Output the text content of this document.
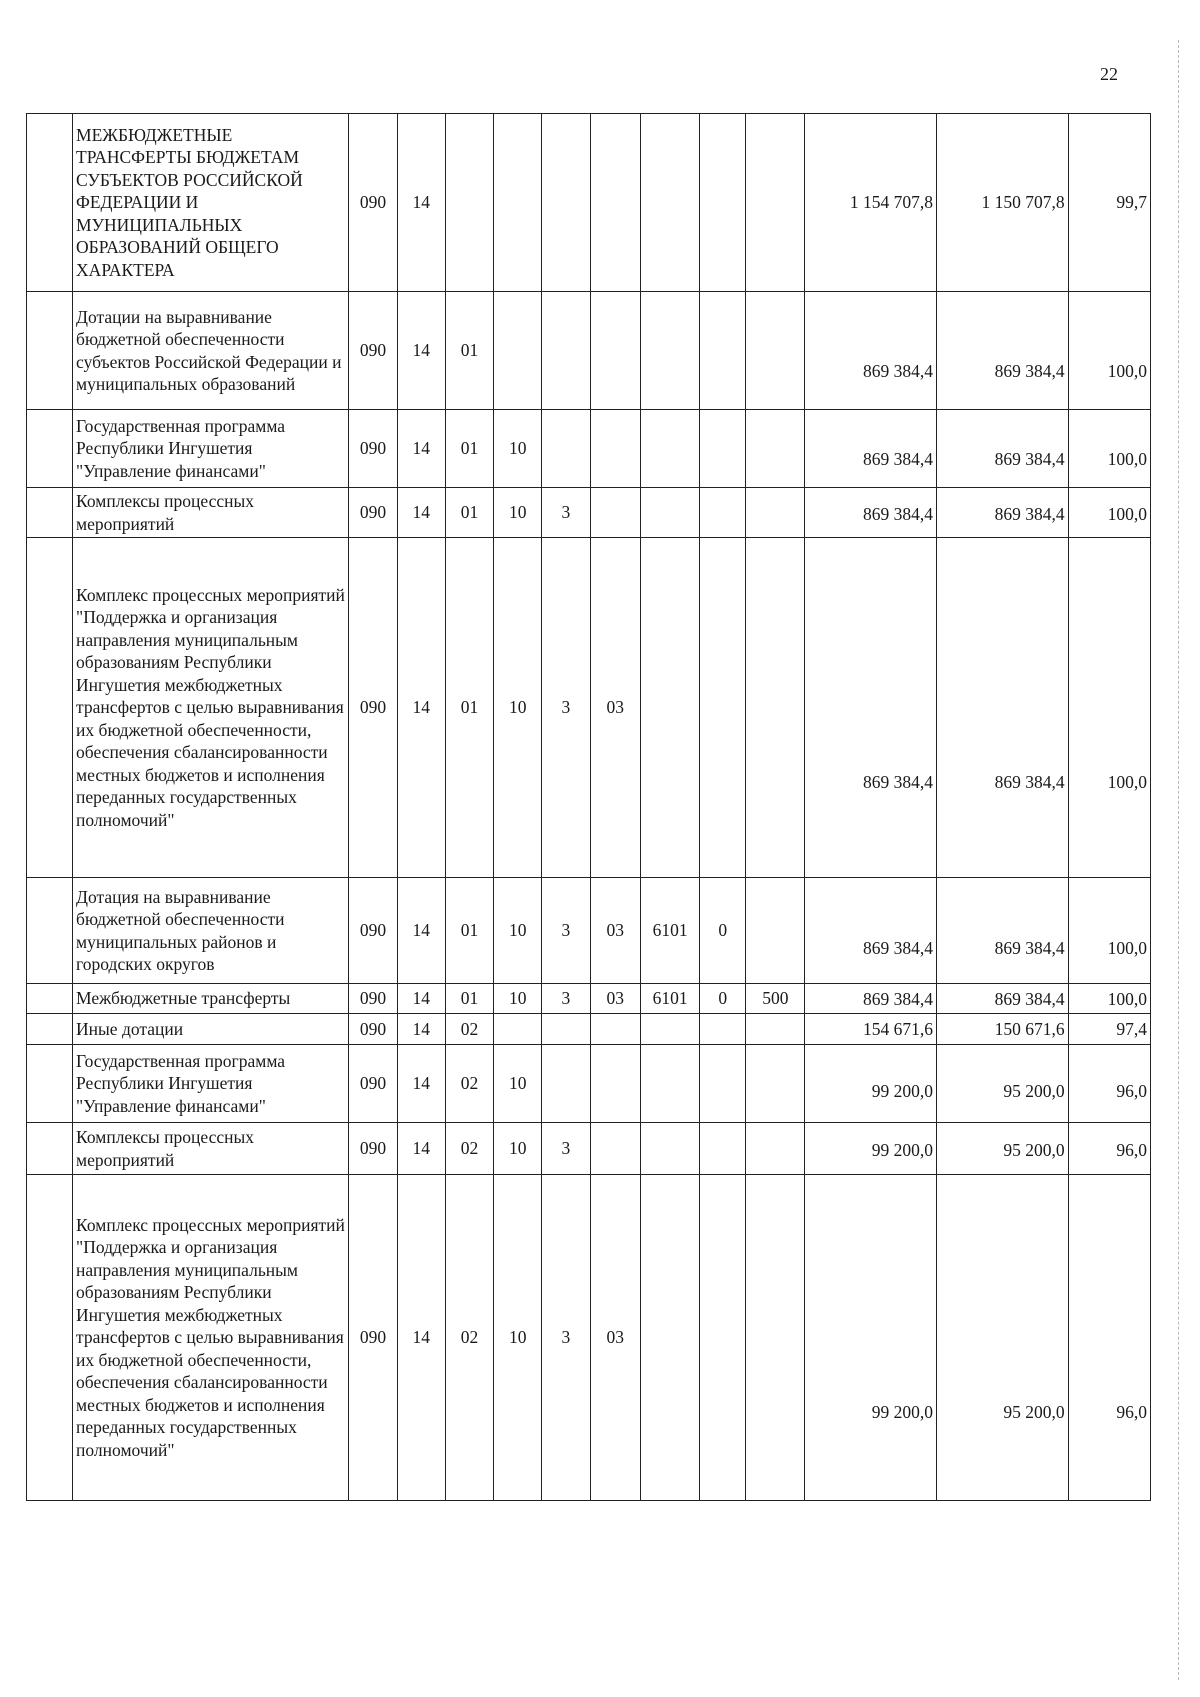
22
	МЕЖБЮДЖЕТНЫЕ ТРАНСФЕРТЫ БЮДЖЕТАМ СУБЪЕКТОВ РОССИЙСКОЙ ФЕДЕРАЦИИ И МУНИЦИПАЛЬНЫХ ОБРАЗОВАНИЙ ОБЩЕГО ХАРАКТЕРА	090	14								1 154 707,8	1 150 707,8	99,7
	Дотации на выравнивание бюджетной обеспеченности субъектов Российской Федерации и муниципальных образований	090	14	01							869 384,4	869 384,4	100,0
	Государственная программа Республики Ингушетия "Управление финансами"	090	14	01	10						869 384,4	869 384,4	100,0
	Комплексы процессных мероприятий	090	14	01	10	3					869 384,4	869 384,4	100,0
	Комплекс процессных мероприятий "Поддержка и организация направления муниципальным образованиям Республики Ингушетия межбюджетных трансфертов с целью выравнивания их бюджетной обеспеченности, обеспечения сбалансированности местных бюджетов и исполнения переданных государственных полномочий"	090	14	01	10	3	03				869 384,4	869 384,4	100,0
	Дотация на выравнивание бюджетной обеспеченности муниципальных районов и городских округов	090	14	01	10	3	03	6101	0		869 384,4	869 384,4	100,0
	Межбюджетные трансферты	090	14	01	10	3	03	6101	0	500	869 384,4	869 384,4	100,0
	Иные дотации	090	14	02							154 671,6	150 671,6	97,4
	Государственная программа Республики Ингушетия "Управление финансами"	090	14	02	10						99 200,0	95 200,0	96,0
	Комплексы процессных мероприятий	090	14	02	10	3					99 200,0	95 200,0	96,0
	Комплекс процессных мероприятий "Поддержка и организация направления муниципальным образованиям Республики Ингушетия межбюджетных трансфертов с целью выравнивания их бюджетной обеспеченности, обеспечения сбалансированности местных бюджетов и исполнения переданных государственных полномочий"	090	14	02	10	3	03				99 200,0	95 200,0	96,0
